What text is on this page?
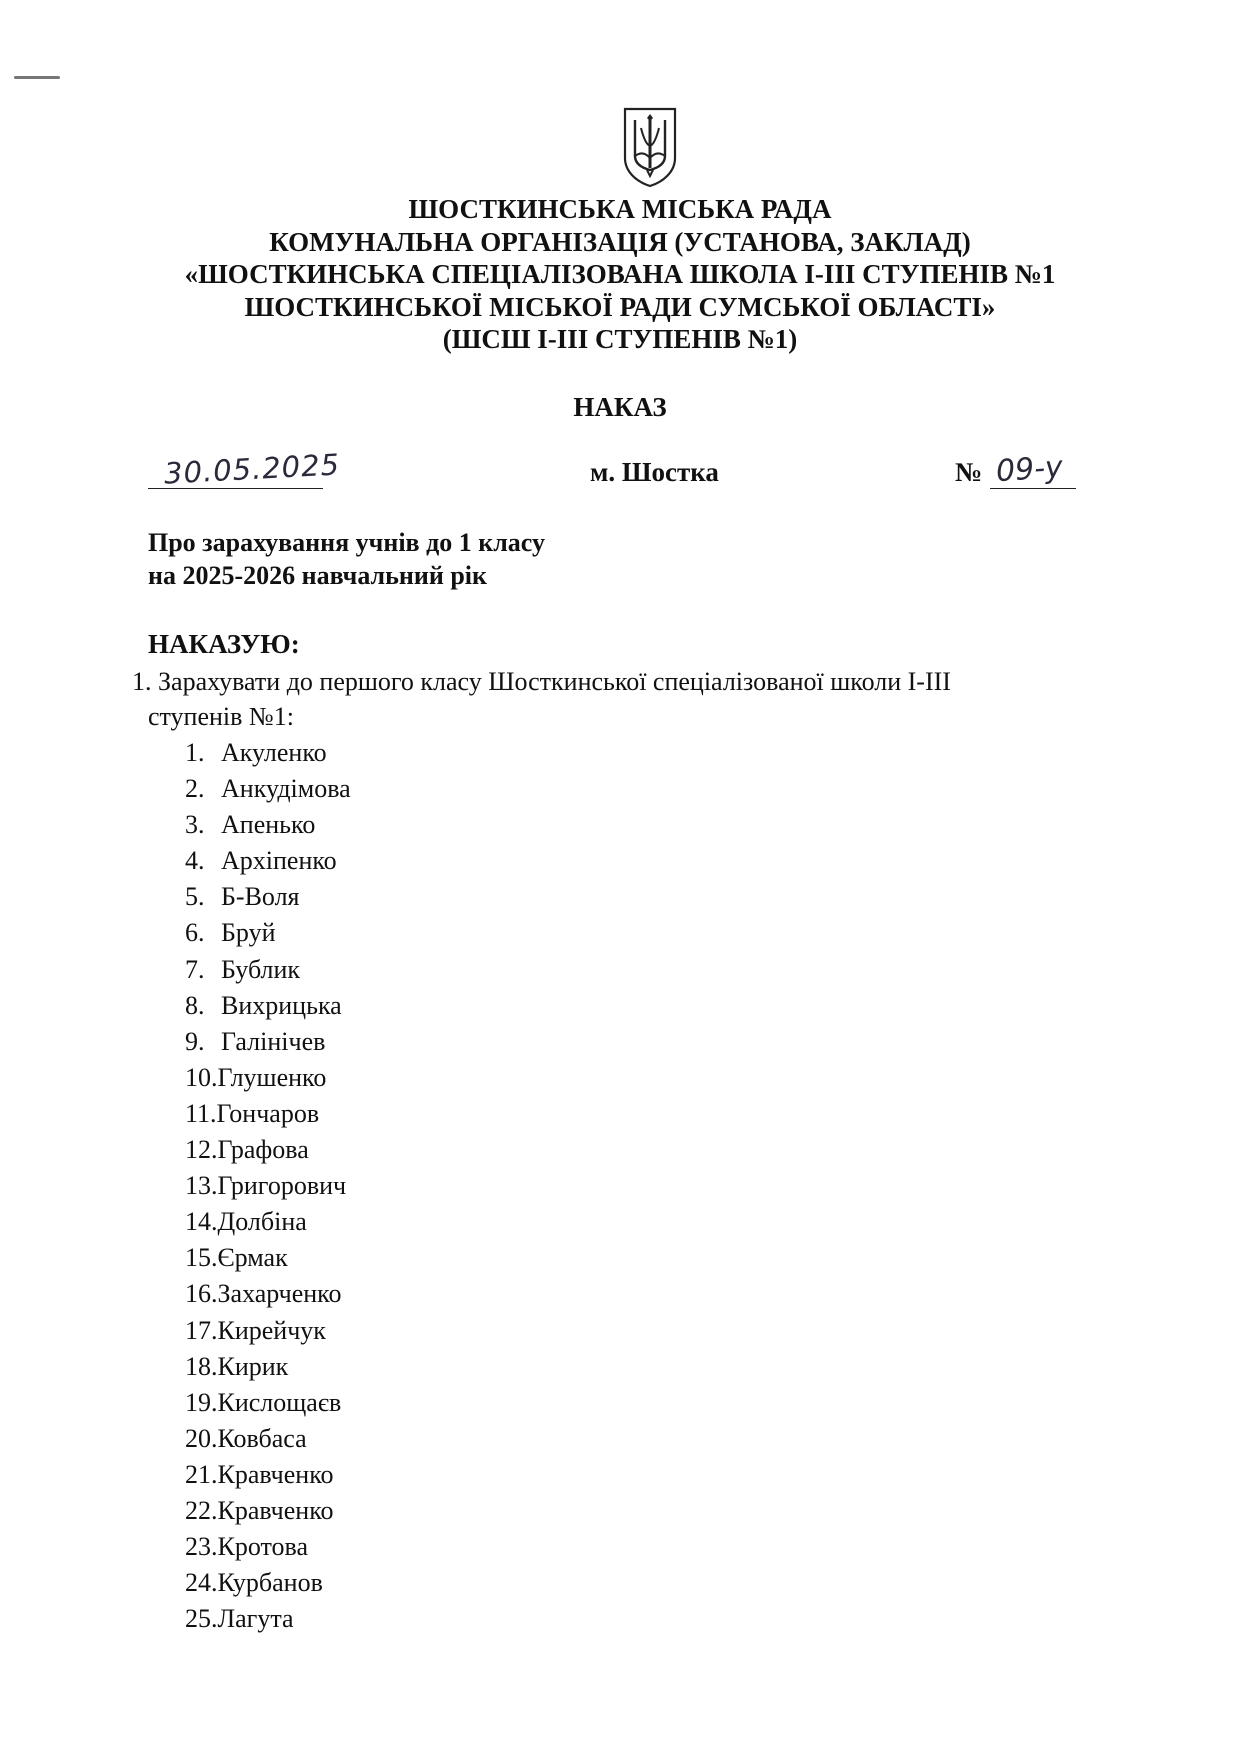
ШОСТКИНСЬКА МІСЬКА РАДА
КОМУНАЛЬНА ОРГАНІЗАЦІЯ (УСТАНОВА, ЗАКЛАД)
«ШОСТКИНСЬКА СПЕЦІАЛІЗОВАНА ШКОЛА І-ІІІ СТУПЕНІВ №1
ШОСТКИНСЬКОЇ МІСЬКОЇ РАДИ СУМСЬКОЇ ОБЛАСТІ»
(ШСШ І-ІІІ СТУПЕНІВ №1)
НАКАЗ
30.05.2025	м. Шостка	№ 09-у
Про зарахування учнів до 1 класу
на 2025-2026 навчальний рік
НАКАЗУЮ:
1. Зарахувати до першого класу Шосткинської спеціалізованої школи І-ІІІ
ступенів №1:
1. Акуленко
2. Анкудімова
3. Апенько
4. Архіпенко
5. Б-Воля
6. Бруй
7. Бублик
8. Вихрицька
9. Галінічев
10.Глушенко
11.Гончаров
12.Графова
13.Григорович
14.Долбіна
15.Єрмак
16.Захарченко
17.Кирейчук
18.Кирик
19.Кислощаєв
20.Ковбаса
21.Кравченко
22.Кравченко
23.Кротова
24.Курбанов
25.Лагута
